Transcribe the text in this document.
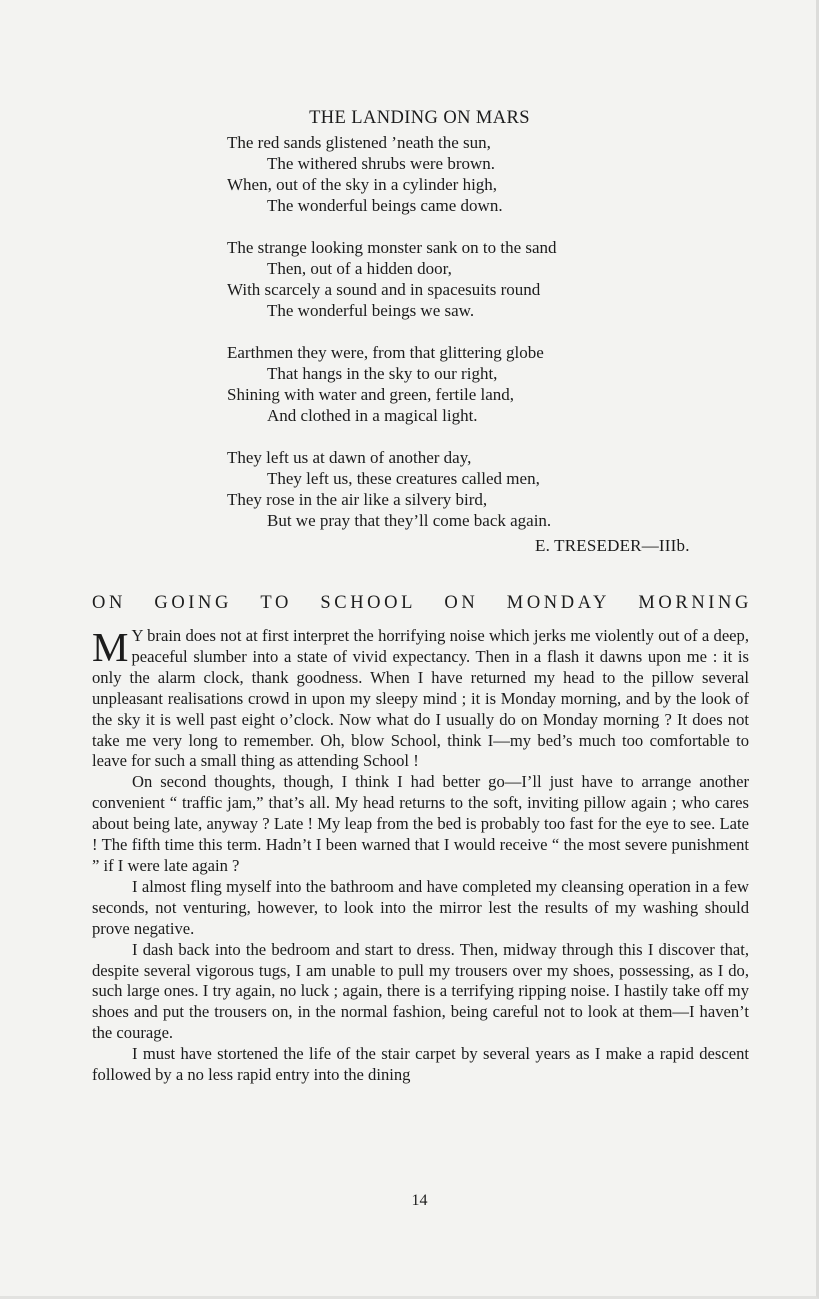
THE LANDING ON MARS
The red sands glistened ’neath the sun,
The withered shrubs were brown.
When, out of the sky in a cylinder high,
The wonderful beings came down.
The strange looking monster sank on to the sand
Then, out of a hidden door,
With scarcely a sound and in spacesuits round
The wonderful beings we saw.
Earthmen they were, from that glittering globe
That hangs in the sky to our right,
Shining with water and green, fertile land,
And clothed in a magical light.
They left us at dawn of another day,
They left us, these creatures called men,
They rose in the air like a silvery bird,
But we pray that they’ll come back again.
E. TRESEDER—IIIb.
ON GOING TO SCHOOL ON MONDAY MORNING

M Y brain does not at first interpret the horrifying noise which jerks me violently out of a deep, peaceful slumber into a state of vivid expectancy. Then in a flash it dawns upon me : it is only the alarm clock, thank goodness. When I have returned my head to the pillow several unpleasant realisations crowd in upon my sleepy mind ; it is Monday morning, and by the look of the sky it is well past eight o’clock. Now what do I usually do on Monday morning ? It does not take me very long to remember. Oh, blow School, think I—my bed’s much too comfortable to leave for such a small thing as attending School !

On second thoughts, though, I think I had better go—I’ll just have to arrange another convenient “ traffic jam,” that’s all. My head returns to the soft, inviting pillow again ; who cares about being late, anyway ? Late ! My leap from the bed is probably too fast for the eye to see. Late ! The fifth time this term. Hadn’t I been warned that I would receive “ the most severe punishment ” if I were late again ?

I almost fling myself into the bathroom and have completed my cleansing operation in a few seconds, not venturing, however, to look into the mirror lest the results of my washing should prove negative.

I dash back into the bedroom and start to dress. Then, midway through this I discover that, despite several vigorous tugs, I am unable to pull my trousers over my shoes, possessing, as I do, such large ones. I try again, no luck ; again, there is a terrifying ripping noise. I hastily take off my shoes and put the trousers on, in the normal fashion, being careful not to look at them—I haven’t the courage.

I must have stortened the life of the stair carpet by several years as I make a rapid descent followed by a no less rapid entry into the dining

14
